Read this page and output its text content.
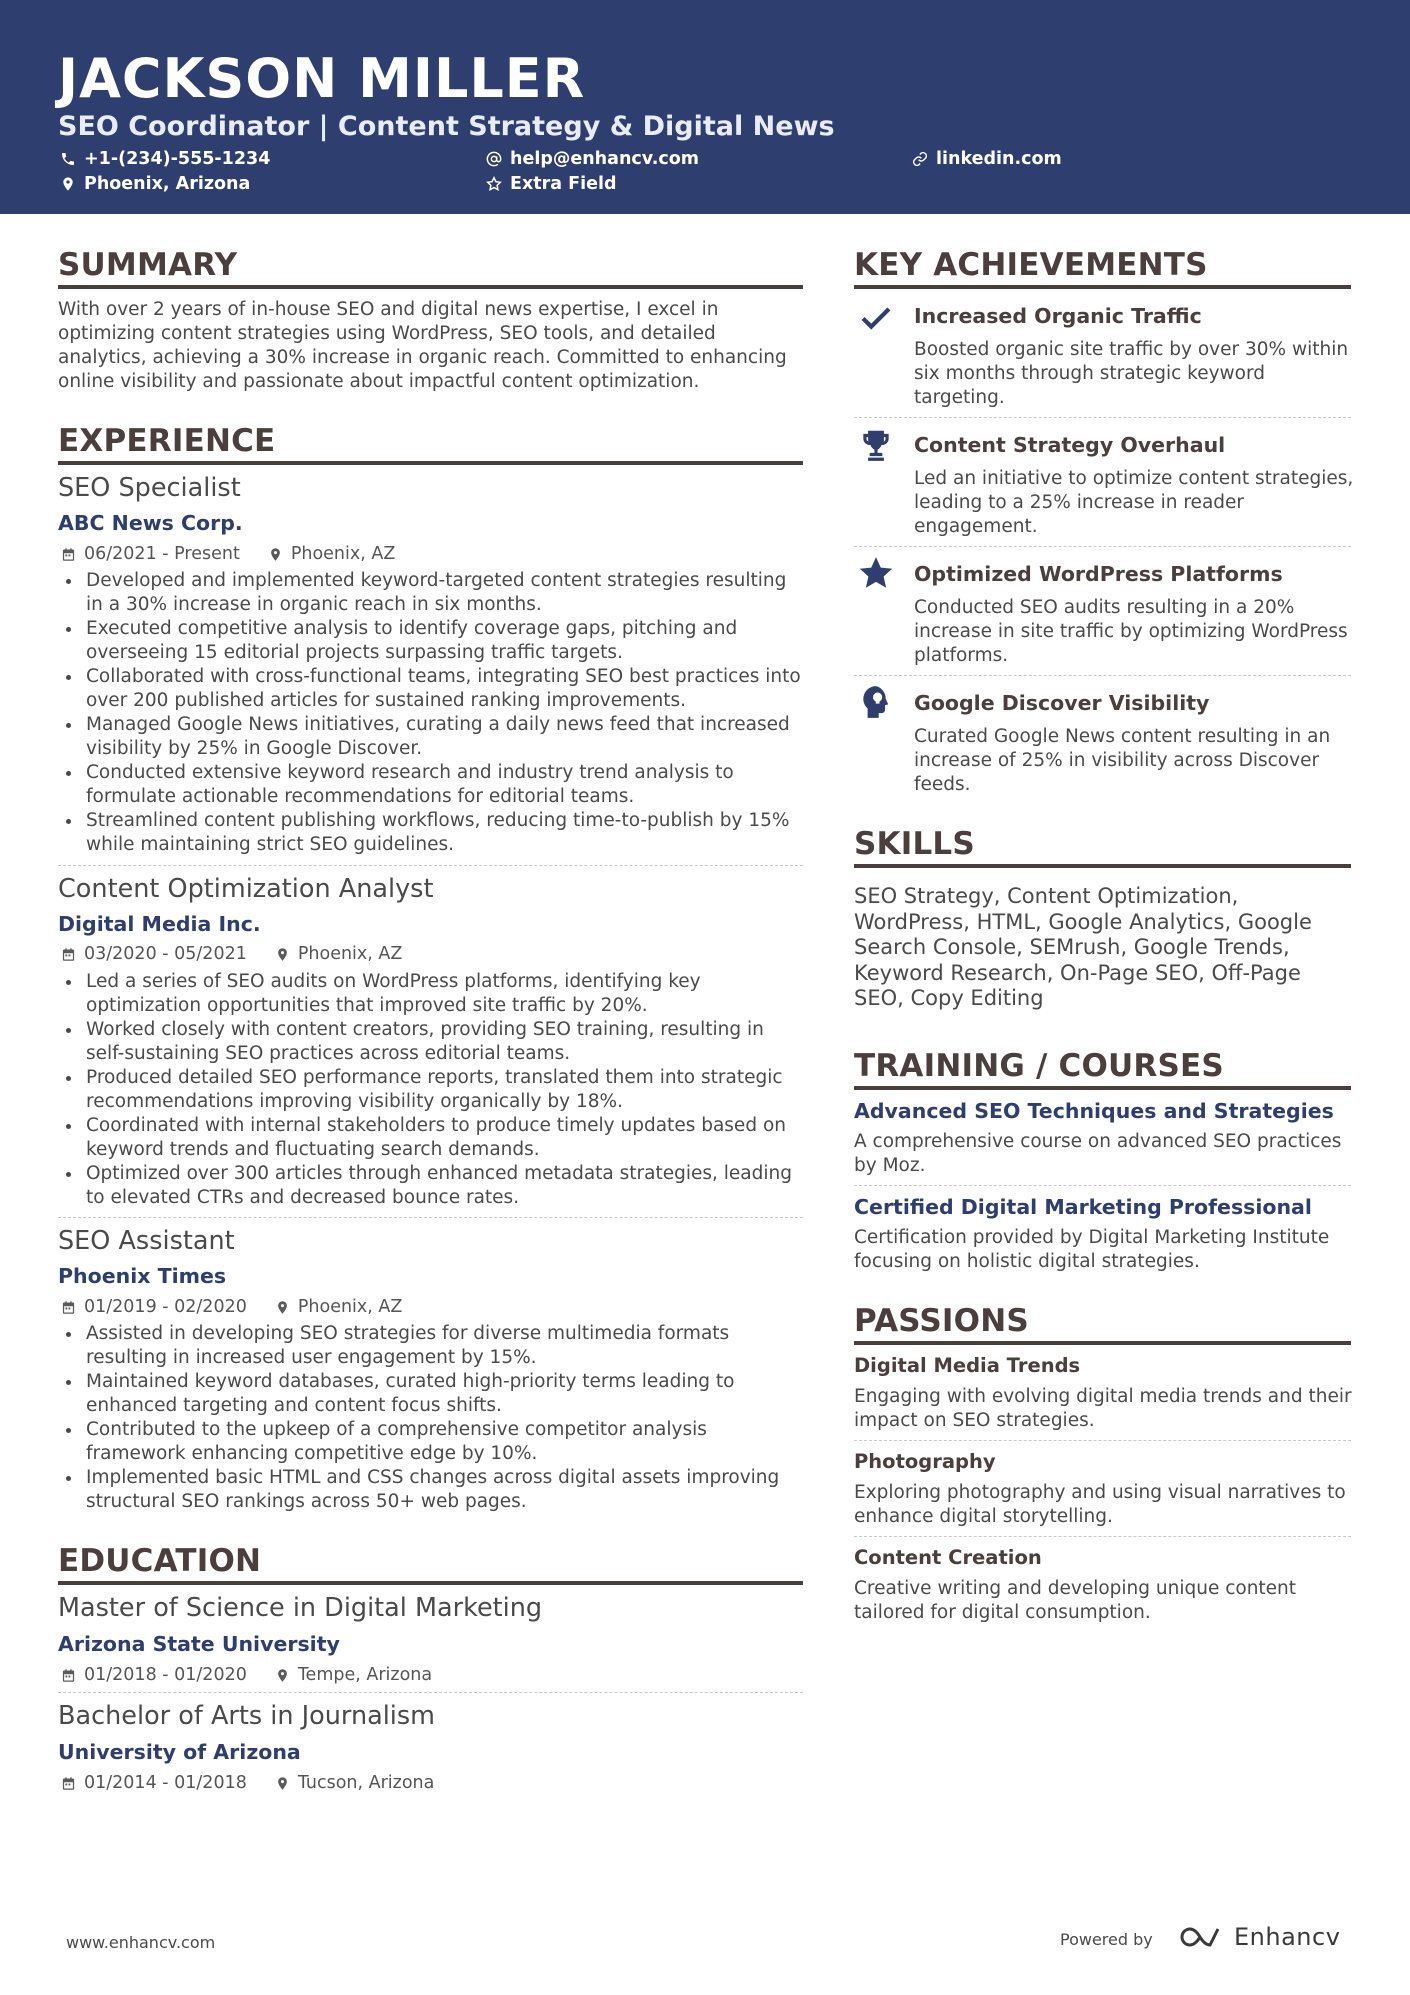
JACKSON MILLER
SEO Coordinator | Content Strategy & Digital News
+1-(234)-555-1234	help@enhancv.com	linkedin.com
Phoenix, Arizona	Extra Field
SUMMARY
With over 2 years of in-house SEO and digital news expertise, I excel in optimizing content strategies using WordPress, SEO tools, and detailed analytics, achieving a 30% increase in organic reach. Committed to enhancing online visibility and passionate about impactful content optimization.
EXPERIENCE
SEO Specialist
ABC News Corp.
06/2021 - Present	Phoenix, AZ
Developed and implemented keyword-targeted content strategies resulting in a 30% increase in organic reach in six months.
Executed competitive analysis to identify coverage gaps, pitching and overseeing 15 editorial projects surpassing traffic targets.
Collaborated with cross-functional teams, integrating SEO best practices into over 200 published articles for sustained ranking improvements.
Managed Google News initiatives, curating a daily news feed that increased visibility by 25% in Google Discover.
Conducted extensive keyword research and industry trend analysis to formulate actionable recommendations for editorial teams.
Streamlined content publishing workflows, reducing time-to-publish by 15% while maintaining strict SEO guidelines.
Content Optimization Analyst
Digital Media Inc.
03/2020 - 05/2021	Phoenix, AZ
Led a series of SEO audits on WordPress platforms, identifying key optimization opportunities that improved site traffic by 20%.
Worked closely with content creators, providing SEO training, resulting in self-sustaining SEO practices across editorial teams.
Produced detailed SEO performance reports, translated them into strategic recommendations improving visibility organically by 18%.
Coordinated with internal stakeholders to produce timely updates based on keyword trends and fluctuating search demands.
Optimized over 300 articles through enhanced metadata strategies, leading to elevated CTRs and decreased bounce rates.
SEO Assistant
Phoenix Times
01/2019 - 02/2020	Phoenix, AZ
Assisted in developing SEO strategies for diverse multimedia formats resulting in increased user engagement by 15%.
Maintained keyword databases, curated high-priority terms leading to enhanced targeting and content focus shifts.
Contributed to the upkeep of a comprehensive competitor analysis framework enhancing competitive edge by 10%.
Implemented basic HTML and CSS changes across digital assets improving structural SEO rankings across 50+ web pages.
EDUCATION
Master of Science in Digital Marketing
Arizona State University
01/2018 - 01/2020	Tempe, Arizona
Bachelor of Arts in Journalism
University of Arizona
01/2014 - 01/2018	Tucson, Arizona
KEY ACHIEVEMENTS
Increased Organic Traffic
Boosted organic site traffic by over 30% within six months through strategic keyword targeting.
Content Strategy Overhaul
Led an initiative to optimize content strategies, leading to a 25% increase in reader engagement.
Optimized WordPress Platforms
Conducted SEO audits resulting in a 20% increase in site traffic by optimizing WordPress platforms.
Google Discover Visibility
Curated Google News content resulting in an increase of 25% in visibility across Discover feeds.
SKILLS
SEO Strategy, Content Optimization, WordPress, HTML, Google Analytics, Google Search Console, SEMrush, Google Trends, Keyword Research, On-Page SEO, Off-Page SEO, Copy Editing
TRAINING / COURSES
Advanced SEO Techniques and Strategies
A comprehensive course on advanced SEO practices by Moz.
Certified Digital Marketing Professional
Certification provided by Digital Marketing Institute focusing on holistic digital strategies.
PASSIONS
Digital Media Trends
Engaging with evolving digital media trends and their impact on SEO strategies.
Photography
Exploring photography and using visual narratives to enhance digital storytelling.
Content Creation
Creative writing and developing unique content tailored for digital consumption.
www.enhancv.com	Powered by	Enhancv
